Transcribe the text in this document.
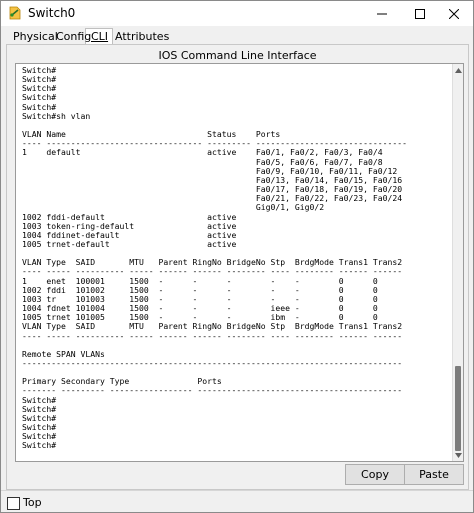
Switch0
Physical
Config CLI Attributes
IOS Command Line Interface
Switch#
Switch#
Switch#
Switch#
Switch#
Switch#sh vlan

VLAN Name                             Status    Ports
---- -------------------------------- --------- -------------------------------
1    default                          active    Fa0/1, Fa0/2, Fa0/3, Fa0/4
Fa0/5, Fa0/6, Fa0/7, Fa0/8
Fa0/9, Fa0/10, Fa0/11, Fa0/12
Fa0/13, Fa0/14, Fa0/15, Fa0/16
Fa0/17, Fa0/18, Fa0/19, Fa0/20
Fa0/21, Fa0/22, Fa0/23, Fa0/24
Gig0/1, Gig0/2
1002 fddi-default                     active
1003 token-ring-default               active
1004 fddinet-default                  active
1005 trnet-default                    active

VLAN Type  SAID       MTU   Parent RingNo BridgeNo Stp  BrdgMode Trans1 Trans2
---- ----- ---------- ----- ------ ------ -------- ---- -------- ------ ------
1    enet  100001     1500  -      -      -        -    -        0      0
1002 fddi  101002     1500  -      -      -        -    -        0      0
1003 tr    101003     1500  -      -      -        -    -        0      0
1004 fdnet 101004     1500  -      -      -        ieee -        0      0
1005 trnet 101005     1500  -      -      -        ibm  -        0      0
VLAN Type  SAID       MTU   Parent RingNo BridgeNo Stp  BrdgMode Trans1 Trans2
---- ----- ---------- ----- ------ ------ -------- ---- -------- ------ ------

Remote SPAN VLANs
------------------------------------------------------------------------------

Primary Secondary Type              Ports
------- --------- ----------------- ------------------------------------------
Switch#
Switch#
Switch#
Switch#
Switch#
Switch#
Copy	Paste
Top
